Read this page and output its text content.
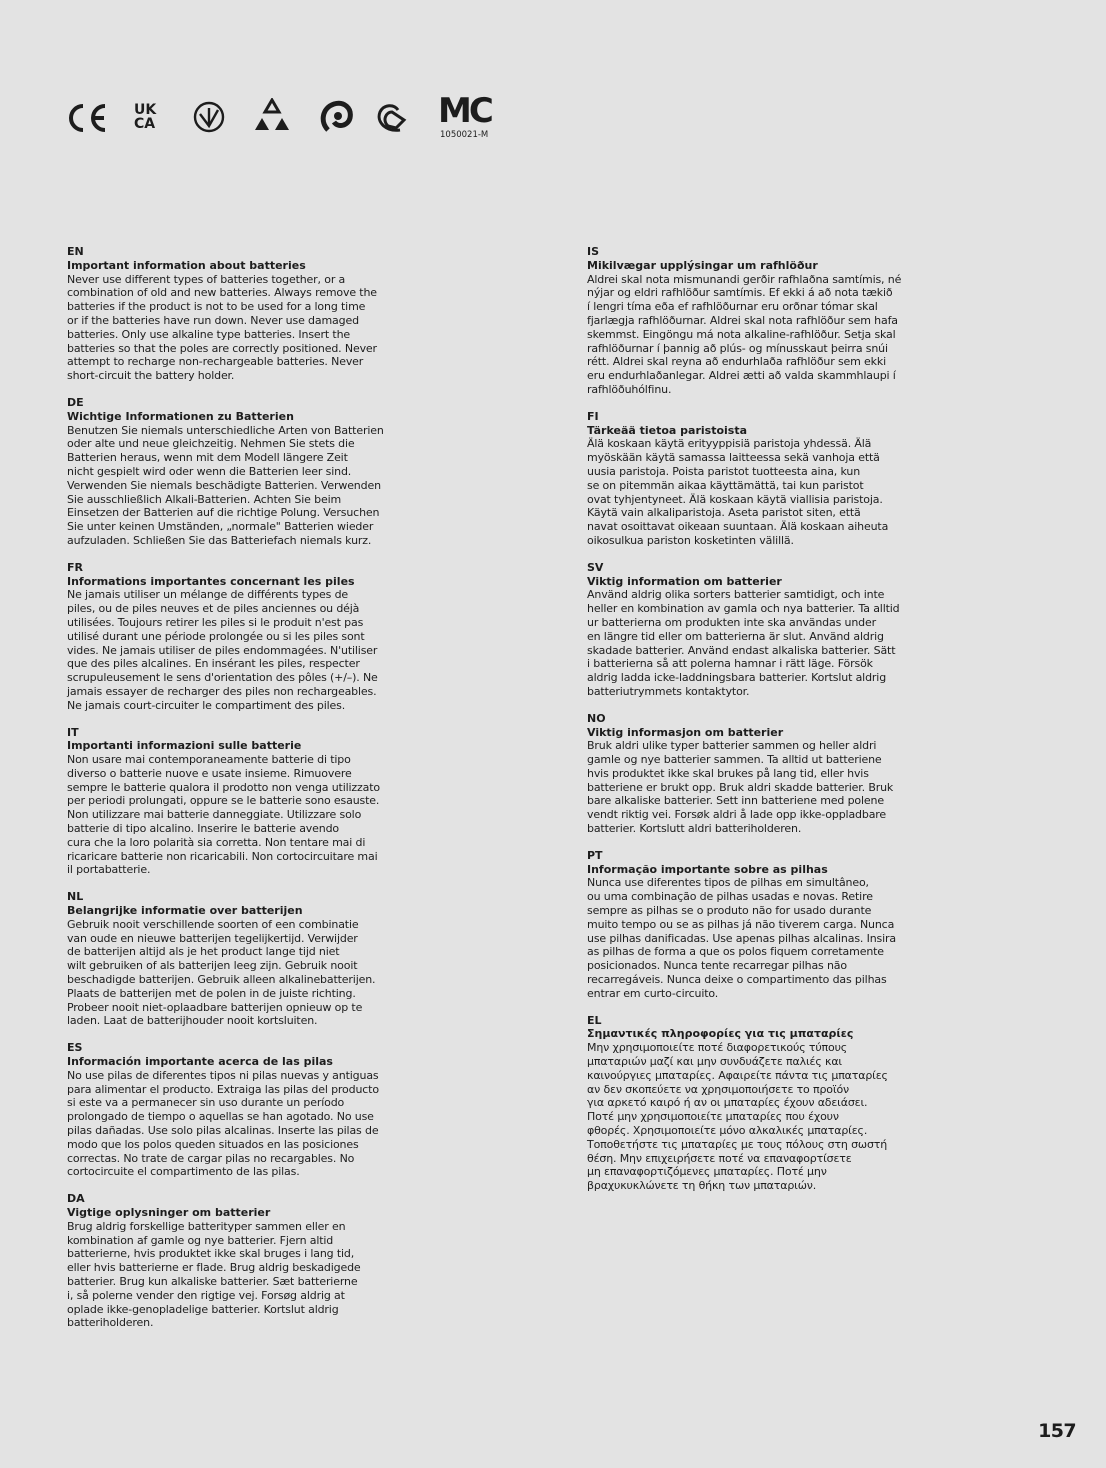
UK
CA	MC
1050021-M

EN

Important information about batteries

Never use different types of batteries together, or a
combination of old and new batteries. Always remove the
batteries if the product is not to be used for a long time
or if the batteries have run down. Never use damaged
batteries. Only use alkaline type batteries. Insert the
batteries so that the poles are correctly positioned. Never
attempt to recharge non-rechargeable batteries. Never
short-circuit the battery holder.

DE

Wichtige Informationen zu Batterien

Benutzen Sie niemals unterschiedliche Arten von Batterien
oder alte und neue gleichzeitig. Nehmen Sie stets die
Batterien heraus, wenn mit dem Modell längere Zeit
nicht gespielt wird oder wenn die Batterien leer sind.
Verwenden Sie niemals beschädigte Batterien. Verwenden
Sie ausschließlich Alkali-Batterien. Achten Sie beim
Einsetzen der Batterien auf die richtige Polung. Versuchen
Sie unter keinen Umständen, „normale" Batterien wieder
aufzuladen. Schließen Sie das Batteriefach niemals kurz.

FR

Informations importantes concernant les piles

Ne jamais utiliser un mélange de différents types de
piles, ou de piles neuves et de piles anciennes ou déjà
utilisées. Toujours retirer les piles si le produit n'est pas
utilisé durant une période prolongée ou si les piles sont
vides. Ne jamais utiliser de piles endommagées. N'utiliser
que des piles alcalines. En insérant les piles, respecter
scrupuleusement le sens d'orientation des pôles (+/–). Ne
jamais essayer de recharger des piles non rechargeables.
Ne jamais court-circuiter le compartiment des piles.

IT

Importanti informazioni sulle batterie

Non usare mai contemporaneamente batterie di tipo
diverso o batterie nuove e usate insieme. Rimuovere
sempre le batterie qualora il prodotto non venga utilizzato
per periodi prolungati, oppure se le batterie sono esauste.
Non utilizzare mai batterie danneggiate. Utilizzare solo
batterie di tipo alcalino. Inserire le batterie avendo
cura che la loro polarità sia corretta. Non tentare mai di
ricaricare batterie non ricaricabili. Non cortocircuitare mai
il portabatterie.

NL

Belangrijke informatie over batterijen

Gebruik nooit verschillende soorten of een combinatie
van oude en nieuwe batterijen tegelijkertijd. Verwijder
de batterijen altijd als je het product lange tijd niet
wilt gebruiken of als batterijen leeg zijn. Gebruik nooit
beschadigde batterijen. Gebruik alleen alkalinebatterijen.
Plaats de batterijen met de polen in de juiste richting.
Probeer nooit niet-oplaadbare batterijen opnieuw op te
laden. Laat de batterijhouder nooit kortsluiten.

ES

Información importante acerca de las pilas

No use pilas de diferentes tipos ni pilas nuevas y antiguas
para alimentar el producto. Extraiga las pilas del producto
si este va a permanecer sin uso durante un período
prolongado de tiempo o aquellas se han agotado. No use
pilas dañadas. Use solo pilas alcalinas. Inserte las pilas de
modo que los polos queden situados en las posiciones
correctas. No trate de cargar pilas no recargables. No
cortocircuite el compartimento de las pilas.

DA

Vigtige oplysninger om batterier

Brug aldrig forskellige batterityper sammen eller en
kombination af gamle og nye batterier. Fjern altid
batterierne, hvis produktet ikke skal bruges i lang tid,
eller hvis batterierne er flade. Brug aldrig beskadigede
batterier. Brug kun alkaliske batterier. Sæt batterierne
i, så polerne vender den rigtige vej. Forsøg aldrig at
oplade ikke-genopladelige batterier. Kortslut aldrig
batteriholderen.

IS

Mikilvægar upplýsingar um rafhlöður

Aldrei skal nota mismunandi gerðir rafhlaðna samtímis, né
nýjar og eldri rafhlöður samtímis. Ef ekki á að nota tækið
í lengri tíma eða ef rafhlöðurnar eru orðnar tómar skal
fjarlægja rafhlöðurnar. Aldrei skal nota rafhlöður sem hafa
skemmst. Eingöngu má nota alkaline-rafhlöður. Setja skal
rafhlöðurnar í þannig að plús- og mínusskaut þeirra snúi
rétt. Aldrei skal reyna að endurhlaða rafhlöður sem ekki
eru endurhlaðanlegar. Aldrei ætti að valda skammhlaupi í
rafhlöðuhólfinu.

FI

Tärkeää tietoa paristoista

Älä koskaan käytä erityyppisiä paristoja yhdessä. Älä
myöskään käytä samassa laitteessa sekä vanhoja että
uusia paristoja. Poista paristot tuotteesta aina, kun
se on pitemmän aikaa käyttämättä, tai kun paristot
ovat tyhjentyneet. Älä koskaan käytä viallisia paristoja.
Käytä vain alkaliparistoja. Aseta paristot siten, että
navat osoittavat oikeaan suuntaan. Älä koskaan aiheuta
oikosulkua pariston kosketinten välillä.

SV

Viktig information om batterier

Använd aldrig olika sorters batterier samtidigt, och inte
heller en kombination av gamla och nya batterier. Ta alltid
ur batterierna om produkten inte ska användas under
en längre tid eller om batterierna är slut. Använd aldrig
skadade batterier. Använd endast alkaliska batterier. Sätt
i batterierna så att polerna hamnar i rätt läge. Försök
aldrig ladda icke-laddningsbara batterier. Kortslut aldrig
batteriutrymmets kontaktytor.

NO

Viktig informasjon om batterier

Bruk aldri ulike typer batterier sammen og heller aldri
gamle og nye batterier sammen. Ta alltid ut batteriene
hvis produktet ikke skal brukes på lang tid, eller hvis
batteriene er brukt opp. Bruk aldri skadde batterier. Bruk
bare alkaliske batterier. Sett inn batteriene med polene
vendt riktig vei. Forsøk aldri å lade opp ikke-oppladbare
batterier. Kortslutt aldri batteriholderen.

PT

Informação importante sobre as pilhas

Nunca use diferentes tipos de pilhas em simultâneo,
ou uma combinação de pilhas usadas e novas. Retire
sempre as pilhas se o produto não for usado durante
muito tempo ou se as pilhas já não tiverem carga. Nunca
use pilhas danificadas. Use apenas pilhas alcalinas. Insira
as pilhas de forma a que os polos fiquem corretamente
posicionados. Nunca tente recarregar pilhas não
recarregáveis. Nunca deixe o compartimento das pilhas
entrar em curto-circuito.

EL

Σημαντικές πληροφορίες για τις μπαταρίες

Μην χρησιμοποιείτε ποτέ διαφορετικούς τύπους
μπαταριών μαζί και μην συνδυάζετε παλιές και
καινούργιες μπαταρίες. Αφαιρείτε πάντα τις μπαταρίες
αν δεν σκοπεύετε να χρησιμοποιήσετε το προϊόν
για αρκετό καιρό ή αν οι μπαταρίες έχουν αδειάσει.
Ποτέ μην χρησιμοποιείτε μπαταρίες που έχουν
φθορές. Χρησιμοποιείτε μόνο αλκαλικές μπαταρίες.
Τοποθετήστε τις μπαταρίες με τους πόλους στη σωστή
θέση. Μην επιχειρήσετε ποτέ να επαναφορτίσετε
μη επαναφορτιζόμενες μπαταρίες. Ποτέ μην
βραχυκυκλώνετε τη θήκη των μπαταριών.

157
